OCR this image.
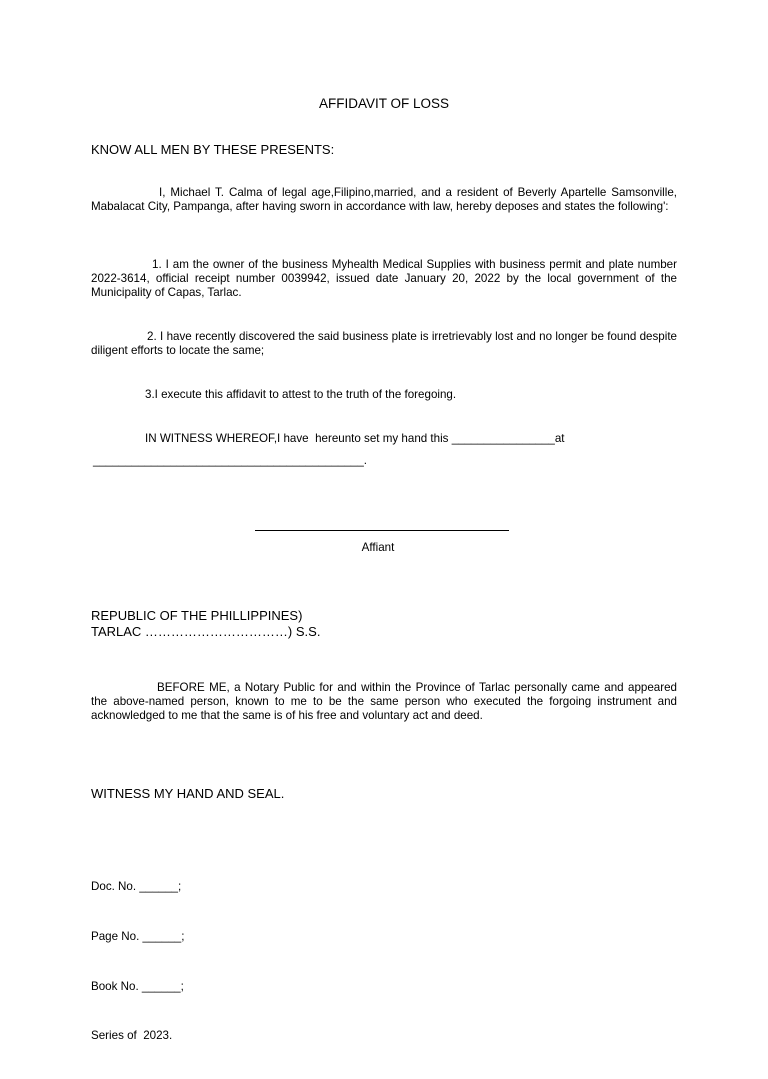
AFFIDAVIT OF LOSS

KNOW ALL MEN BY THESE PRESENTS:

I, Michael T. Calma of legal age,Filipino,married, and a resident of Beverly Apartelle Samsonville, Mabalacat City, Pampanga, after having sworn in accordance with law, hereby deposes and states the following':

1. I am the owner of the business Myhealth Medical Supplies with business permit and plate number 2022-3614, official receipt number 0039942, issued date January 20, 2022 by the local government of the Municipality of Capas, Tarlac.

2. I have recently discovered the said business plate is irretrievably lost and no longer be found despite diligent efforts to locate the same;

3.I execute this affidavit to attest to the truth of the foregoing.

IN WITNESS WHEREOF,I have  hereunto set my hand this ________________at

__________________________________________.

Affiant

REPUBLIC OF THE PHILLIPPINES)

TARLAC ……………………………) S.S.

BEFORE ME, a Notary Public for and within the Province of Tarlac personally came and appeared the above-named person, known to me to be the same person who executed the forgoing instrument and acknowledged to me that the same is of his free and voluntary act and deed.

WITNESS MY HAND AND SEAL.

Doc. No. ______;

Page No. ______;

Book No. ______;

Series of  2023.
